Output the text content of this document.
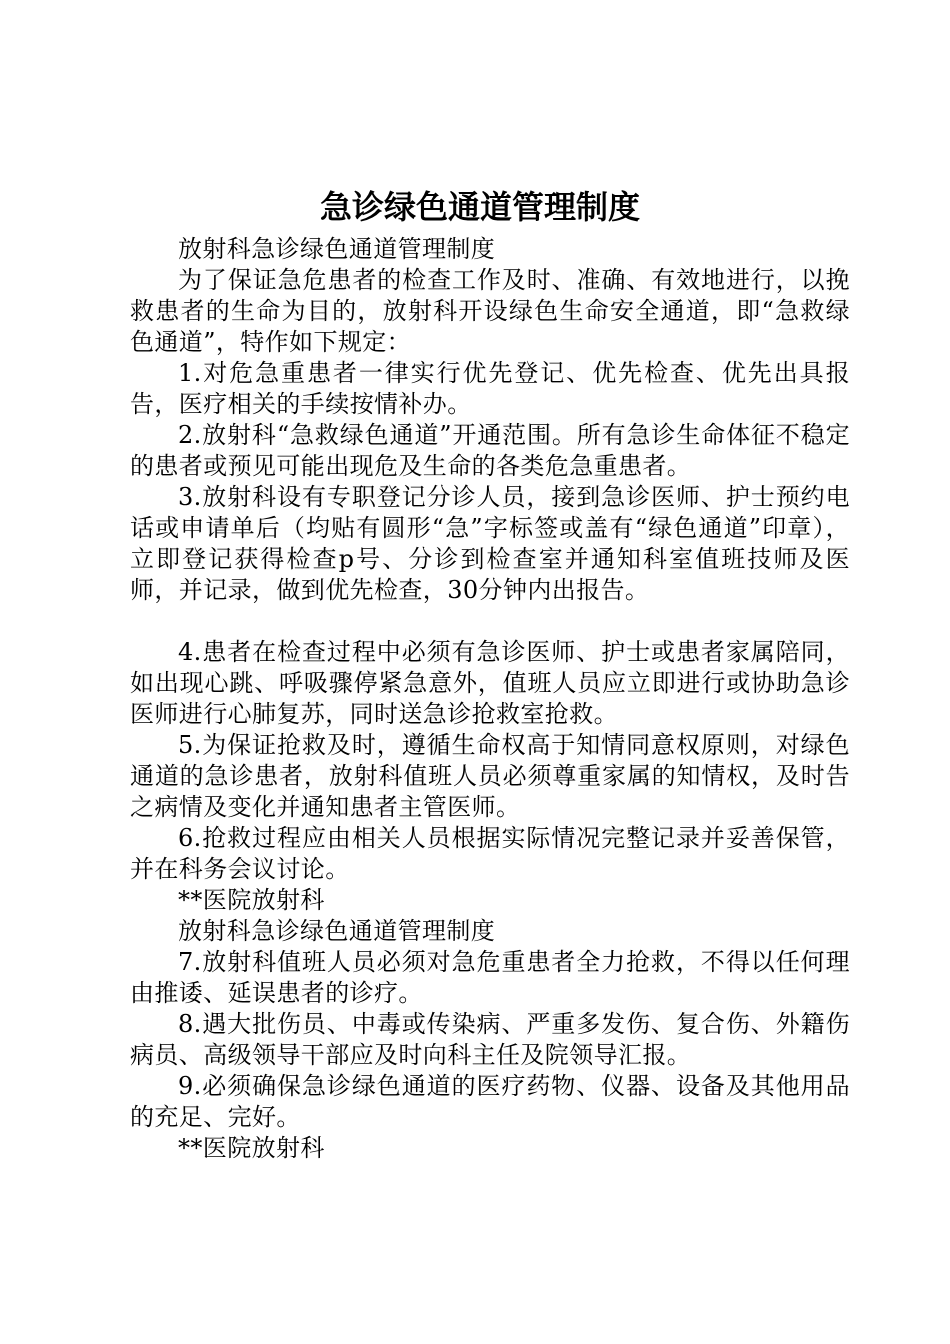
急诊绿色通道管理制度

放射科急诊绿色通道管理制度

为了保证急危患者的检查工作及时、准确、有效地进行，以挽救患者的生命为目的，放射科开设绿色生命安全通道，即“急救绿色通道”，特作如下规定：

1.对危急重患者一律实行优先登记、优先检查、优先出具报告，医疗相关的手续按情补办。

2.放射科“急救绿色通道”开通范围。所有急诊生命体征不稳定的患者或预见可能出现危及生命的各类危急重患者。

3.放射科设有专职登记分诊人员，接到急诊医师、护士预约电话或申请单后（均贴有圆形“急”字标签或盖有“绿色通道”印章），立即登记获得检查p号、分诊到检查室并通知科室值班技师及医师，并记录，做到优先检查，30分钟内出报告。

4.患者在检查过程中必须有急诊医师、护士或患者家属陪同，如出现心跳、呼吸骤停紧急意外，值班人员应立即进行或协助急诊医师进行心肺复苏，同时送急诊抢救室抢救。

5.为保证抢救及时，遵循生命权高于知情同意权原则，对绿色通道的急诊患者，放射科值班人员必须尊重家属的知情权，及时告之病情及变化并通知患者主管医师。

6.抢救过程应由相关人员根据实际情况完整记录并妥善保管，并在科务会议讨论。

**医院放射科

放射科急诊绿色通道管理制度

7.放射科值班人员必须对急危重患者全力抢救，不得以任何理由推诿、延误患者的诊疗。

8.遇大批伤员、中毒或传染病、严重多发伤、复合伤、外籍伤病员、高级领导干部应及时向科主任及院领导汇报。

9.必须确保急诊绿色通道的医疗药物、仪器、设备及其他用品的充足、完好。

**医院放射科
